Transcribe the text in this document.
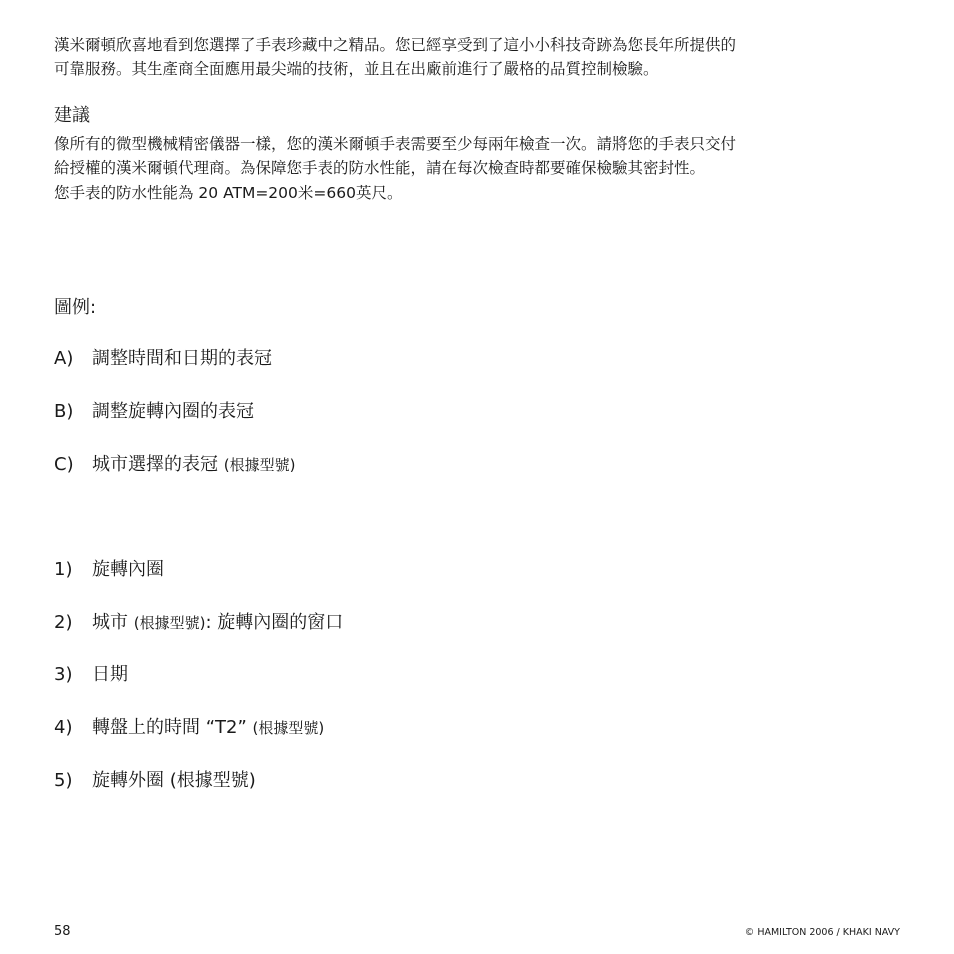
漢米爾頓欣喜地看到您選擇了手表珍藏中之精品。您已經享受到了這小小科技奇跡為您長年所提供的
可靠服務。其生產商全面應用最尖端的技術，並且在出廠前進行了嚴格的品質控制檢驗。

建議

像所有的微型機械精密儀器一樣，您的漢米爾頓手表需要至少每兩年檢查一次。請將您的手表只交付
給授權的漢米爾頓代理商。為保障您手表的防水性能，請在每次檢查時都要確保檢驗其密封性。

您手表的防水性能為 20 ATM=200米=660英尺。

圖例:

A) 調整時間和日期的表冠

B) 調整旋轉內圈的表冠

C) 城市選擇的表冠 (根據型號)

1) 旋轉內圈

2) 城市 (根據型號): 旋轉內圈的窗口

3) 日期

4) 轉盤上的時間 “T2” (根據型號)

5) 旋轉外圈 (根據型號)

58	© HAMILTON 2006 / KHAKI NAVY
